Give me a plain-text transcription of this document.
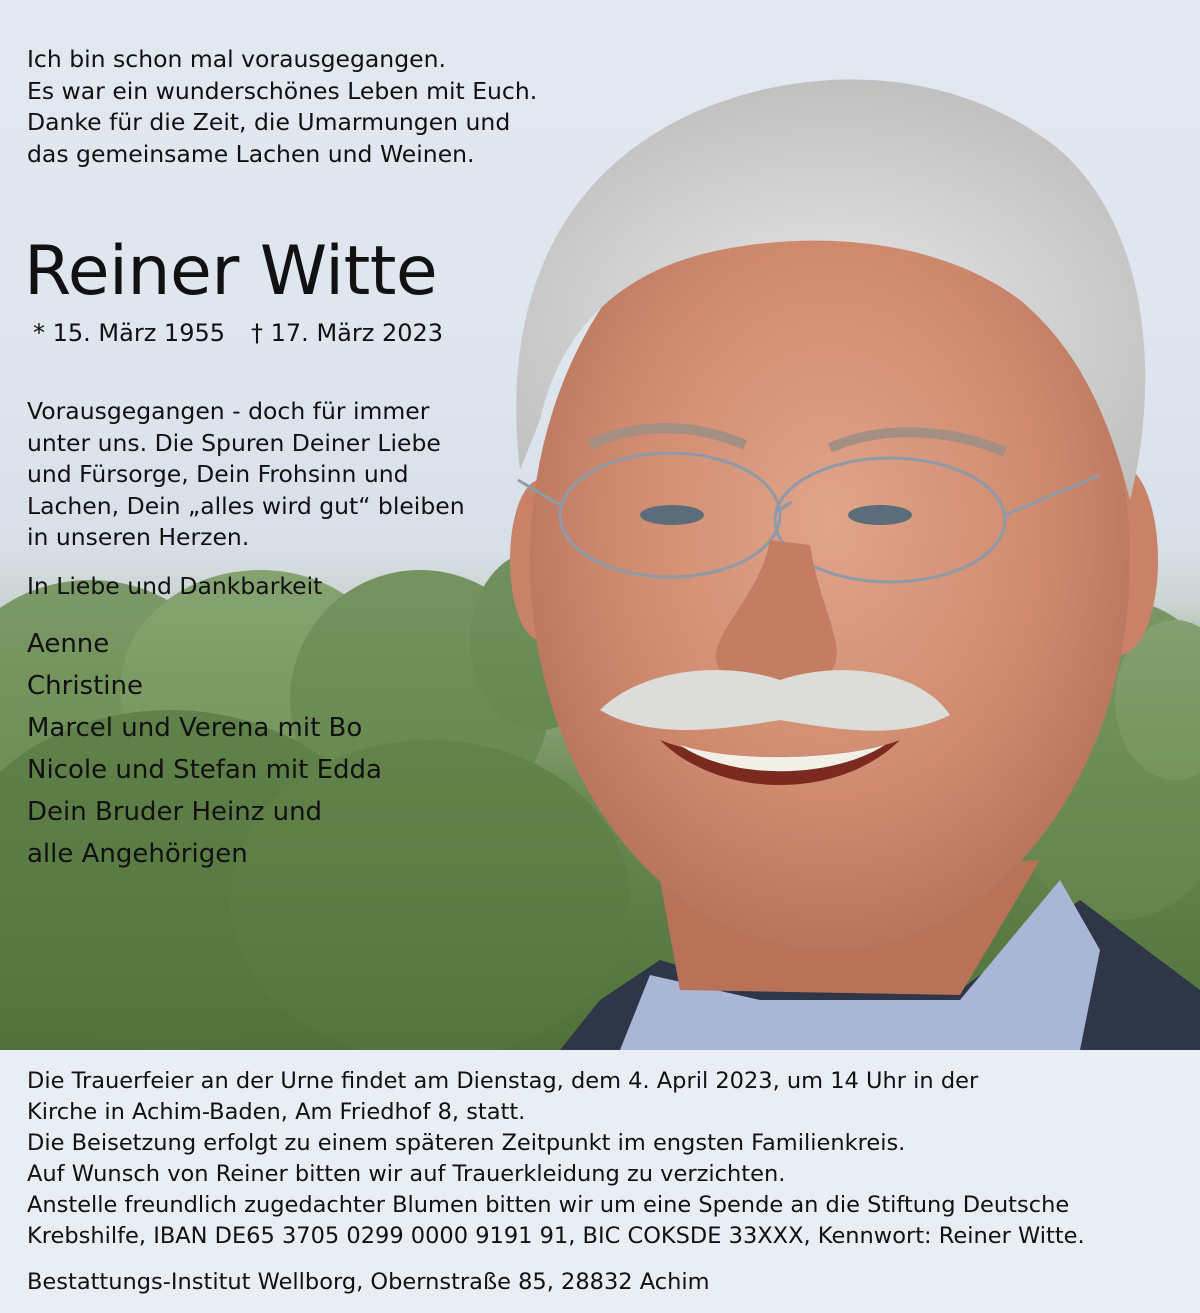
Ich bin schon mal vorausgegangen.
Es war ein wunderschönes Leben mit Euch.
Danke für die Zeit, die Umarmungen und
das gemeinsame Lachen und Weinen.
Reiner Witte
* 15. März 1955 † 17. März 2023
Vorausgegangen - doch für immer
unter uns. Die Spuren Deiner Liebe
und Fürsorge, Dein Frohsinn und
Lachen, Dein „alles wird gut“ bleiben
in unseren Herzen.
In Liebe und Dankbarkeit
Aenne
Christine
Marcel und Verena mit Bo
Nicole und Stefan mit Edda
Dein Bruder Heinz und
alle Angehörigen
Die Trauerfeier an der Urne findet am Dienstag, dem 4. April 2023, um 14 Uhr in der
Kirche in Achim-Baden, Am Friedhof 8, statt.
Die Beisetzung erfolgt zu einem späteren Zeitpunkt im engsten Familienkreis.
Auf Wunsch von Reiner bitten wir auf Trauerkleidung zu verzichten.
Anstelle freundlich zugedachter Blumen bitten wir um eine Spende an die Stiftung Deutsche
Krebshilfe, IBAN DE65 3705 0299 0000 9191 91, BIC COKSDE 33XXX, Kennwort: Reiner Witte.
Bestattungs-Institut Wellborg, Obernstraße 85, 28832 Achim
